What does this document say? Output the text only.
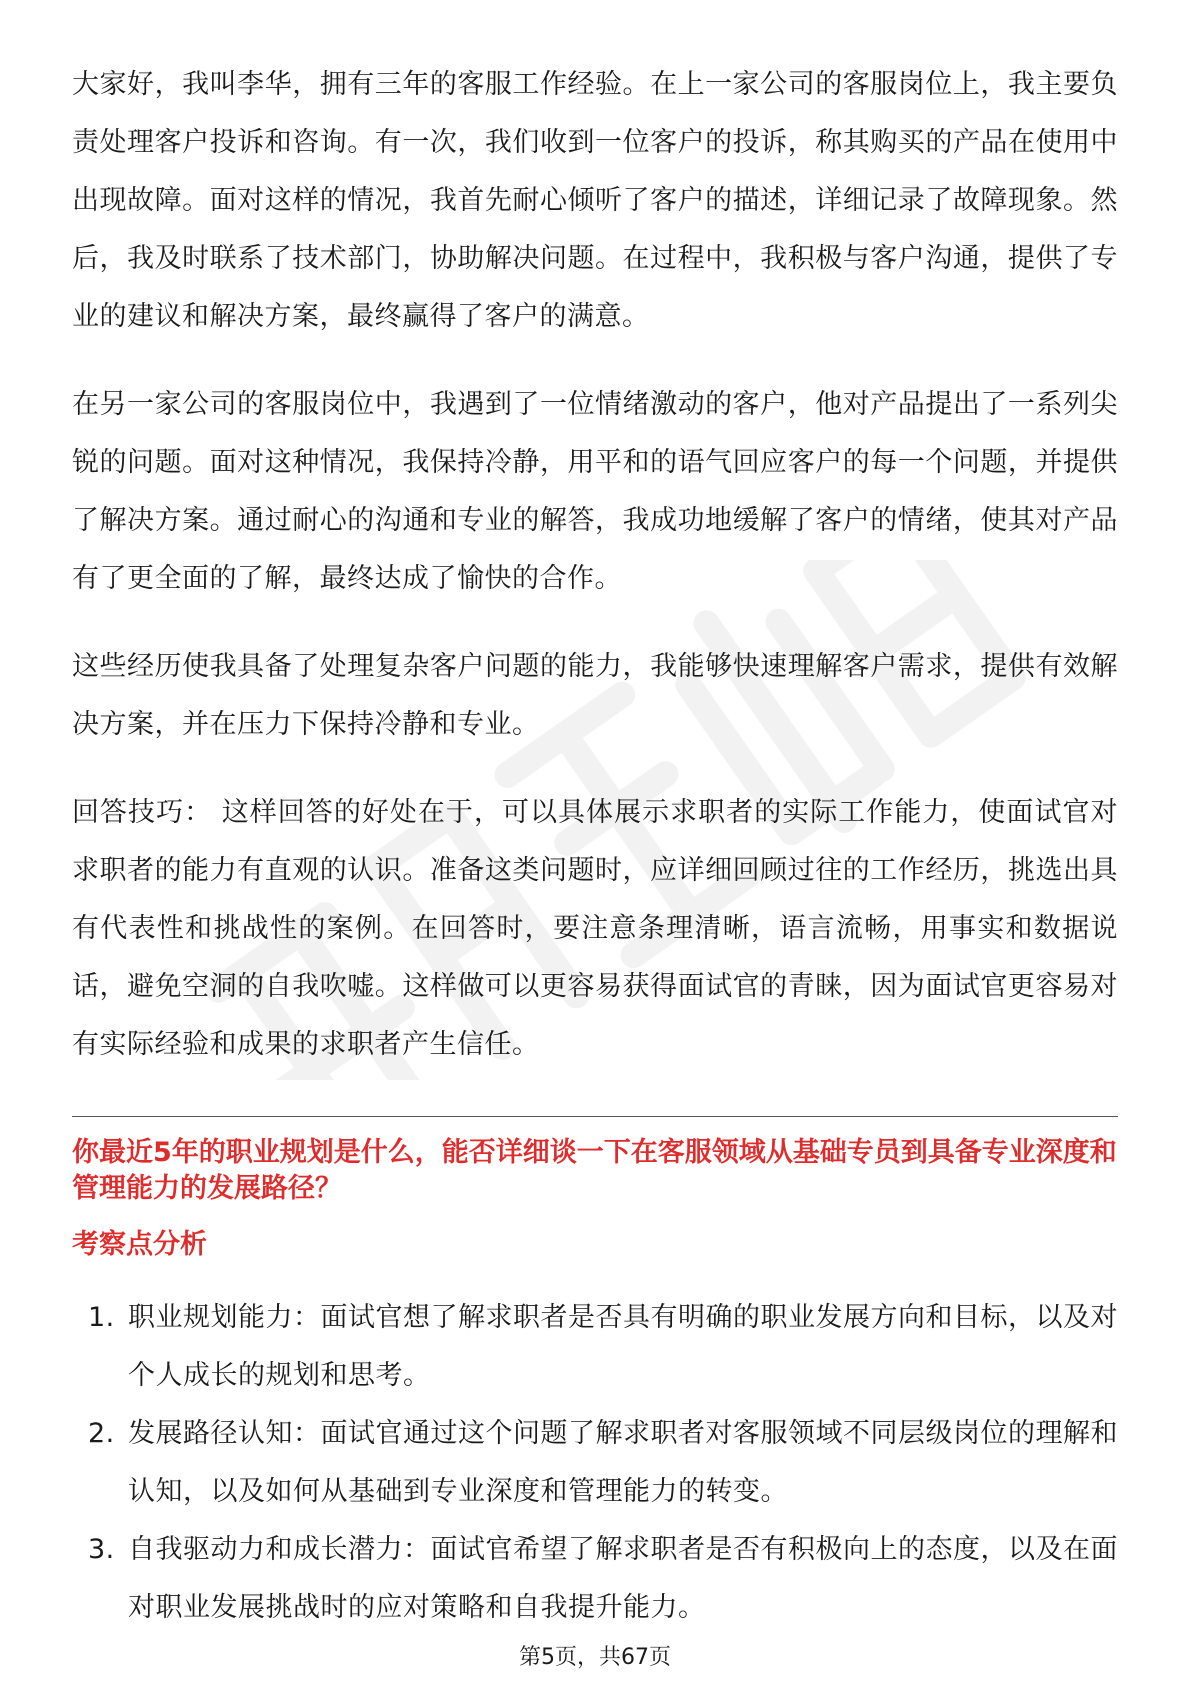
大家好，我叫李华，拥有三年的客服工作经验。在上一家公司的客服岗位上，我主要负责处理客户投诉和咨询。有一次，我们收到一位客户的投诉，称其购买的产品在使用中出现故障。面对这样的情况，我首先耐心倾听了客户的描述，详细记录了故障现象。然后，我及时联系了技术部门，协助解决问题。在过程中，我积极与客户沟通，提供了专业的建议和解决方案，最终赢得了客户的满意。

在另一家公司的客服岗位中，我遇到了一位情绪激动的客户，他对产品提出了一系列尖锐的问题。面对这种情况，我保持冷静，用平和的语气回应客户的每一个问题，并提供了解决方案。通过耐心的沟通和专业的解答，我成功地缓解了客户的情绪，使其对产品有了更全面的了解，最终达成了愉快的合作。

这些经历使我具备了处理复杂客户问题的能力，我能够快速理解客户需求，提供有效解决方案，并在压力下保持冷静和专业。

回答技巧： 这样回答的好处在于，可以具体展示求职者的实际工作能力，使面试官对求职者的能力有直观的认识。准备这类问题时，应详细回顾过往的工作经历，挑选出具有代表性和挑战性的案例。在回答时，要注意条理清晰，语言流畅，用事实和数据说话，避免空洞的自我吹嘘。这样做可以更容易获得面试官的青睐，因为面试官更容易对有实际经验和成果的求职者产生信任。

你最近5年的职业规划是什么，能否详细谈一下在客服领域从基础专员到具备专业深度和管理能力的发展路径？
考察点分析
1. 职业规划能力：面试官想了解求职者是否具有明确的职业发展方向和目标，以及对个人成长的规划和思考。
2. 发展路径认知：面试官通过这个问题了解求职者对客服领域不同层级岗位的理解和认知，以及如何从基础到专业深度和管理能力的转变。
3. 自我驱动力和成长潜力：面试官希望了解求职者是否有积极向上的态度，以及在面对职业发展挑战时的应对策略和自我提升能力。
第5页，共67页
